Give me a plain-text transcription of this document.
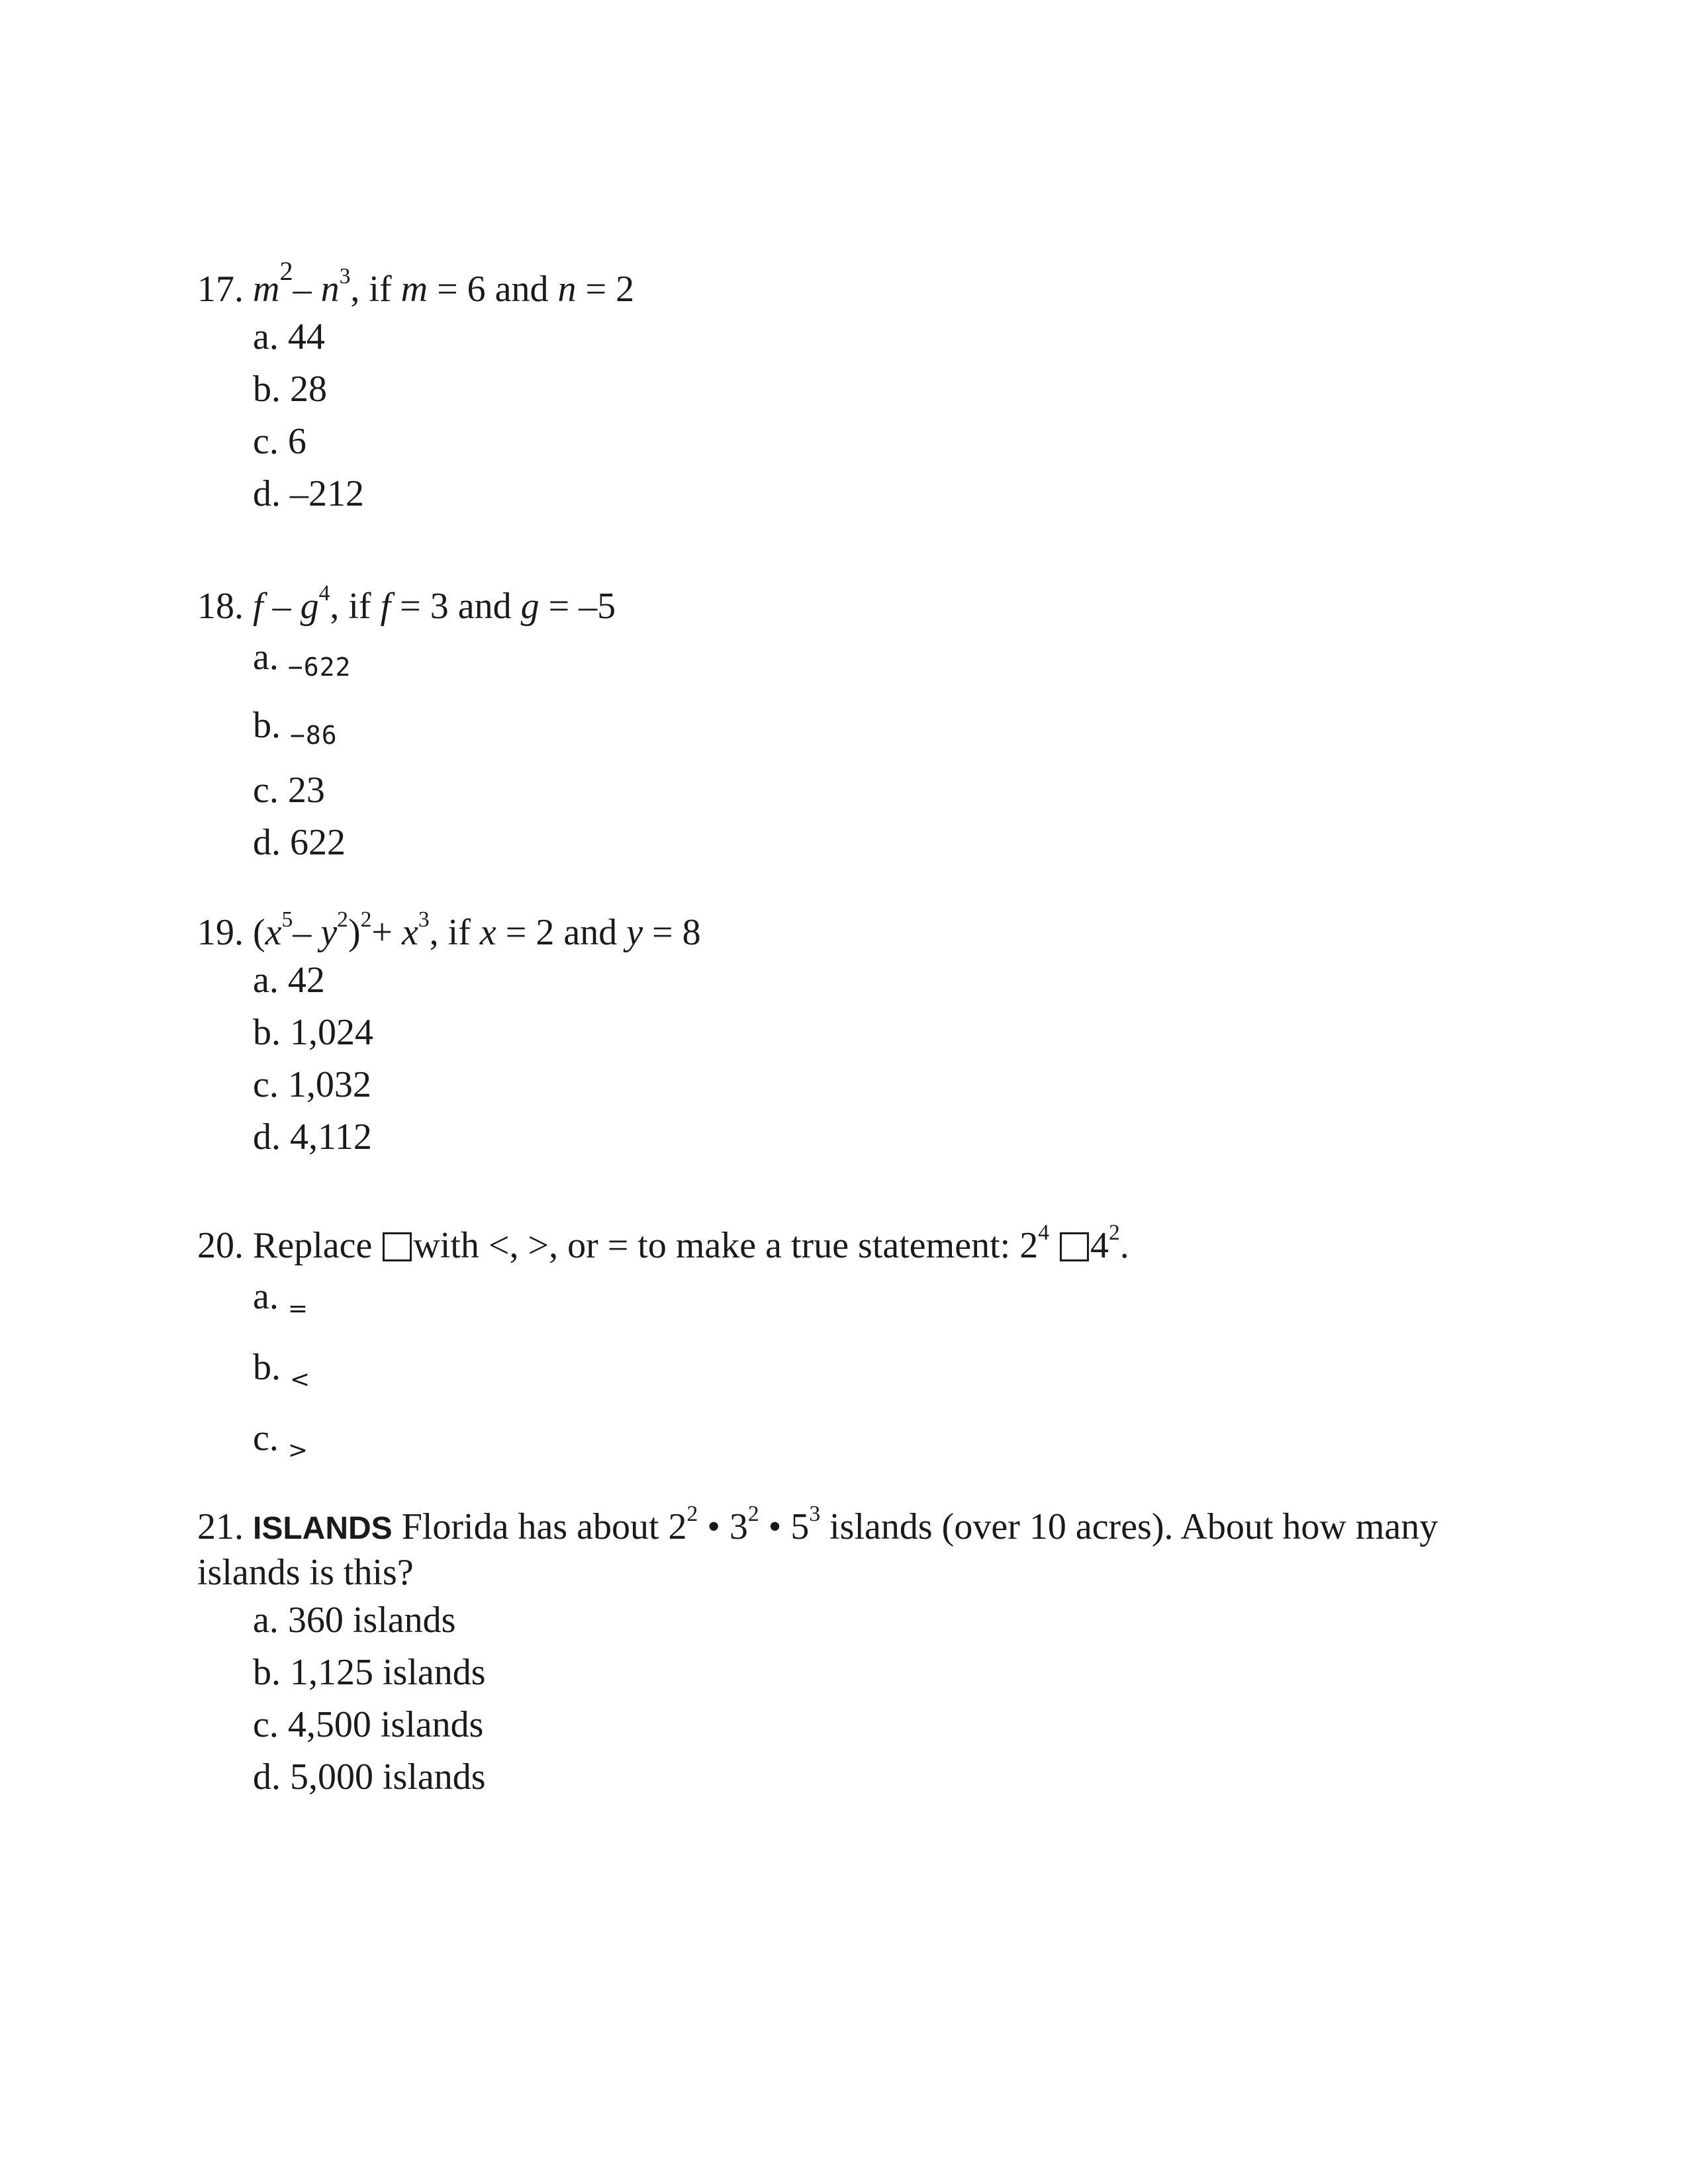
17. $m^2-$ $n^3$, if m = 6 and n = 2
a. 44
b. 28
c. 6
d. –212
18. f – $g^4$, if f = 3 and g = –5
a. −622
b. −86
c. 23
d. 622
19. ($x^5-$ $y^2)^2+ x^3$, if x = 2 and y = 8
a. 42
b. 1,024
c. 1,032
d. 4,112
20. Replace with <, >, or = to make a true statement: $2^4$ $4^2$.
a. $_=$
b. $_<$
c. $_>$
21. ISLANDS Florida has about $2^2$ • $3^2$ • $5^3$ islands (over 10 acres). About how many islands is this?
a. 360 islands
b. 1,125 islands
c. 4,500 islands
d. 5,000 islands
